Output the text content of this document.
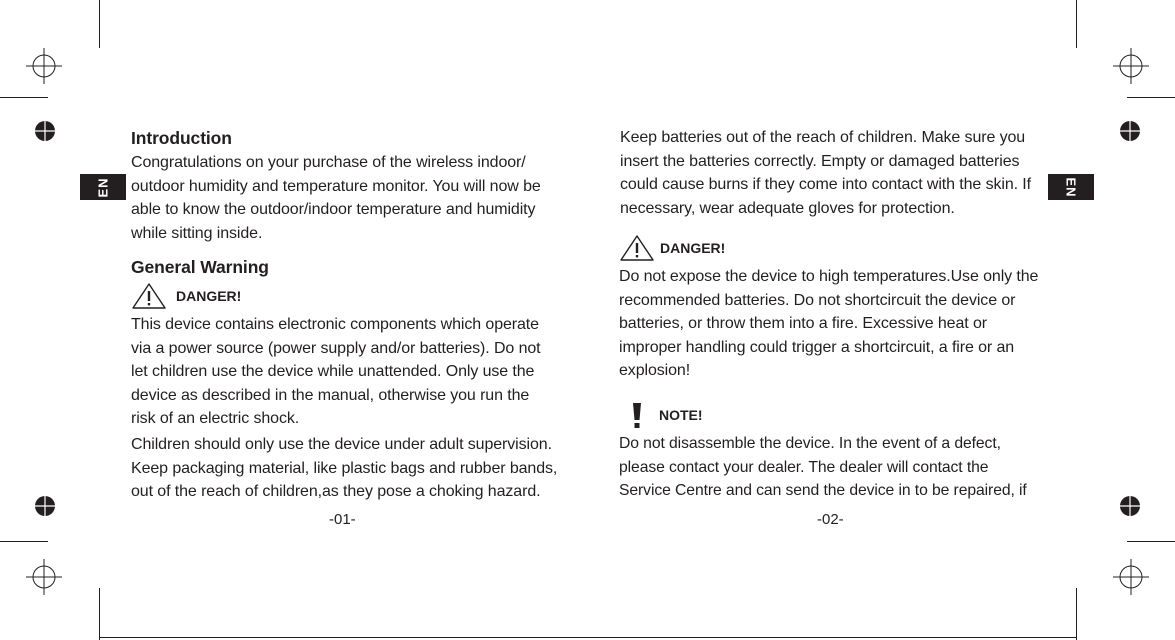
EN	EN
Introduction
Congratulations on your purchase of the wireless indoor/
outdoor humidity and temperature monitor. You will now be
able to know the outdoor/indoor temperature and humidity
while sitting inside.
General Warning
DANGER!
This device contains electronic components which operate
via a power source (power supply and/or batteries). Do not
let children use the device while unattended. Only use the
device as described in the manual, otherwise you run the
risk of an electric shock.
Children should only use the device under adult supervision.
Keep packaging material, like plastic bags and rubber bands,
out of the reach of children,as they pose a choking hazard.
-01-
Keep batteries out of the reach of children. Make sure you
insert the batteries correctly. Empty or damaged batteries
could cause burns if they come into contact with the skin. If
necessary, wear adequate gloves for protection.
DANGER!
Do not expose the device to high temperatures.Use only the
recommended batteries. Do not shortcircuit the device or
batteries, or throw them into a fire. Excessive heat or
improper handling could trigger a shortcircuit, a fire or an
explosion!
NOTE!
Do not disassemble the device. In the event of a defect,
please contact your dealer. The dealer will contact the
Service Centre and can send the device in to be repaired, if
-02-
